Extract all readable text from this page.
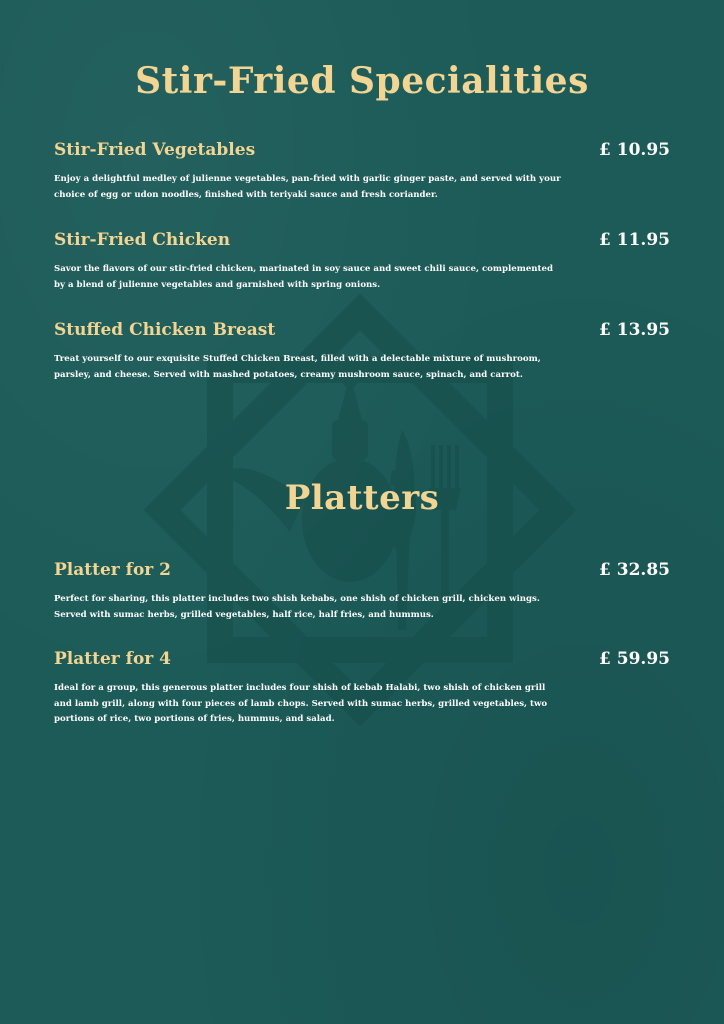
Stir-Fried Specialities
Stir-Fried Vegetables	£ 10.95

Enjoy a delightful medley of julienne vegetables, pan-fried with garlic ginger paste, and served with your choice of egg or udon noodles, finished with teriyaki sauce and fresh coriander.

Stir-Fried Chicken	£ 11.95

Savor the flavors of our stir-fried chicken, marinated in soy sauce and sweet chili sauce, complemented by a blend of julienne vegetables and garnished with spring onions.

Stuffed Chicken Breast	£ 13.95

Treat yourself to our exquisite Stuffed Chicken Breast, filled with a delectable mixture of mushroom, parsley, and cheese. Served with mashed potatoes, creamy mushroom sauce, spinach, and carrot.

Platters
Platter for 2	£ 32.85

Perfect for sharing, this platter includes two shish kebabs, one shish of chicken grill, chicken wings. Served with sumac herbs, grilled vegetables, half rice, half fries, and hummus.

Platter for 4	£ 59.95

Ideal for a group, this generous platter includes four shish of kebab Halabi, two shish of chicken grill and lamb grill, along with four pieces of lamb chops. Served with sumac herbs, grilled vegetables, two portions of rice, two portions of fries, hummus, and salad.
